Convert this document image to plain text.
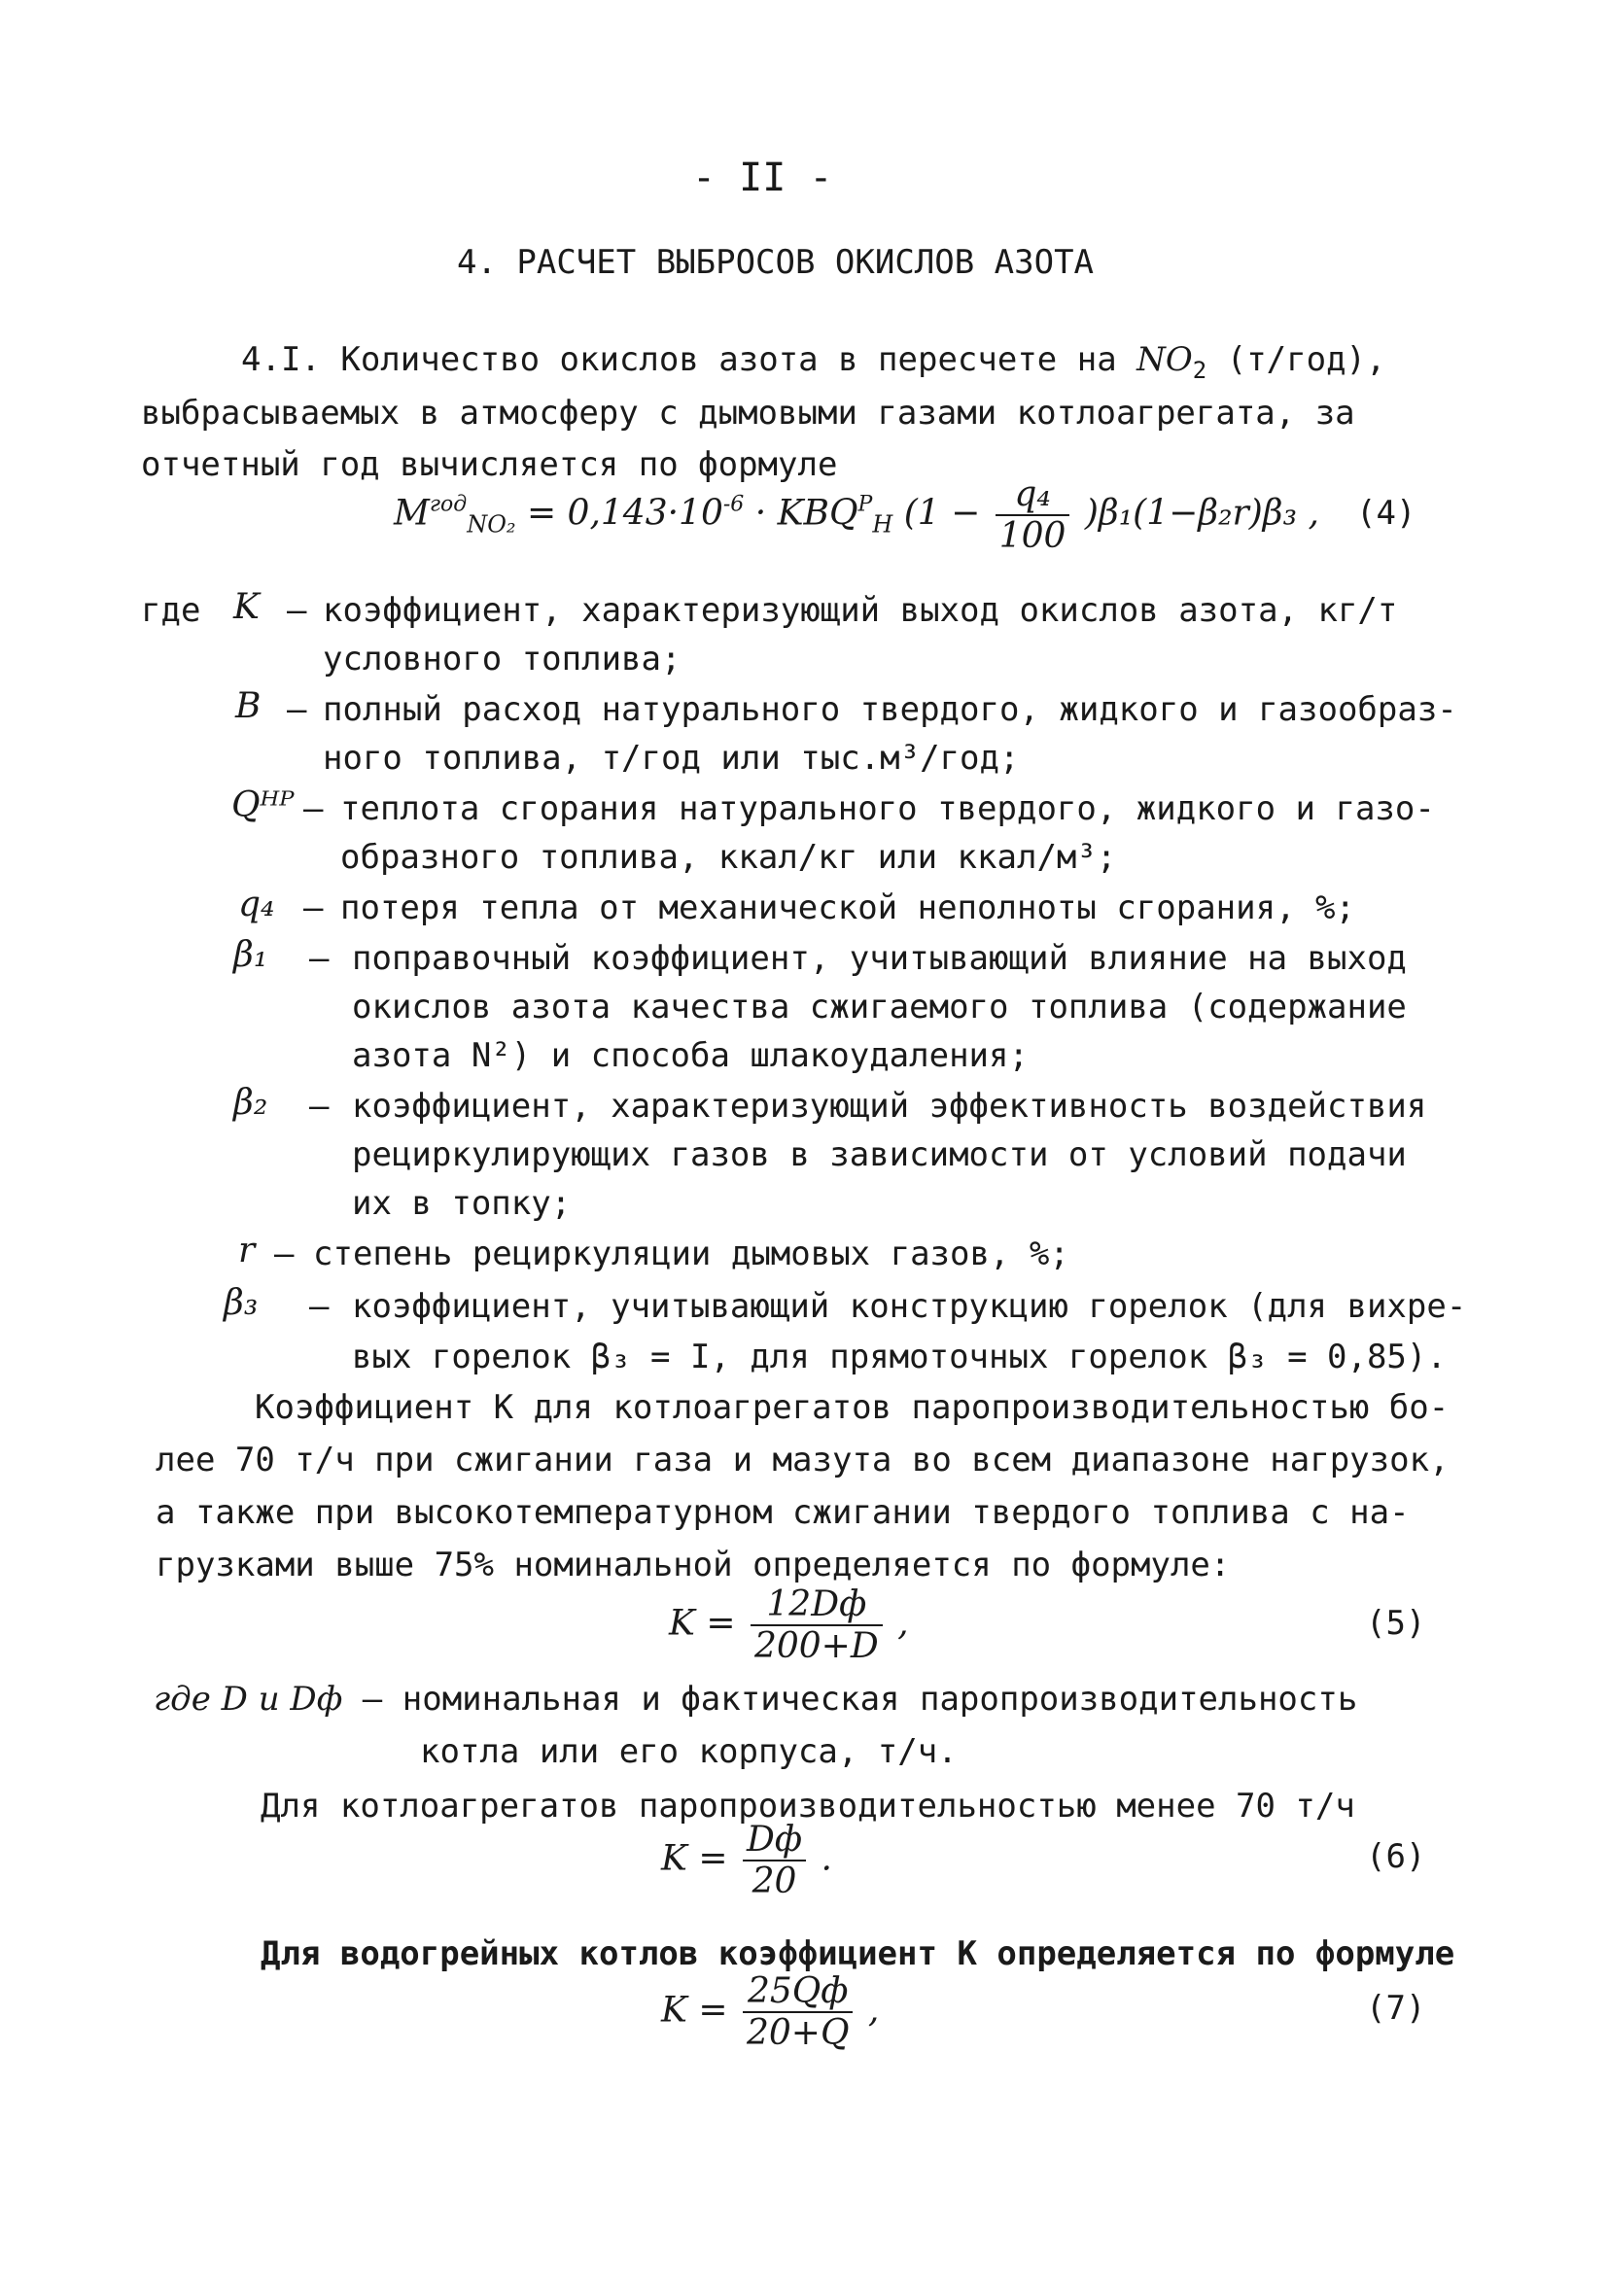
- II -
4. РАСЧЕТ ВЫБРОСОВ ОКИСЛОВ АЗОТА
4.I. Количество окислов азота в пересчете на $NO_2$ (т/год),
выбрасываемых в атмосферу с дымовыми газами котлоагрегата, за
отчетный год вычисляется по формуле
$M^{год}_{NO_2} = 0,143\cdot 10^{-6} \cdot KBQ^P_H$ $(1 - \frac{\text{q₄}}{100} )\beta_1(1-\beta_2r)\beta_3$ , (4)
где K – коэффициент, характеризующий выход окислов азота, кг/т
условного топлива;
B – полный расход натурального твердого, жидкого и газообраз-
ного топлива, т/год или тыс.м³/год;
Qᴴᴾ – теплота сгорания натурального твердого, жидкого и газо-
образного топлива, ккал/кг или ккал/м³;
q₄ – потеря тепла от механической неполноты сгорания, %;
β₁ – поправочный коэффициент, учитывающий влияние на выход
окислов азота качества сжигаемого топлива (содержание
азота N²) и способа шлакоудаления;
β₂ – коэффициент, характеризующий эффективность воздействия
рециркулирующих газов в зависимости от условий подачи
их в топку;
r – степень рециркуляции дымовых газов, %;
β₃ – коэффициент, учитывающий конструкцию горелок (для вихре-
вых горелок β₃ = I, для прямоточных горелок β₃ = 0,85).
Коэффициент K для котлоагрегатов паропроизводительностью бо-
лее 70 т/ч при сжигании газа и мазута во всем диапазоне нагрузок,
а также при высокотемпературном сжигании твердого топлива с на-
грузками выше 75% номинальной определяется по формуле:
$K = \frac{12Dф}{200+D}$ ,	(5)
где D и Dф – номинальная и фактическая паропроизводительность
котла или его корпуса, т/ч.
Для котлоагрегатов паропроизводительностью менее 70 т/ч
$K = \frac{Dф}{20}$ .	(6)
Для водогрейных котлов коэффициент K определяется по формуле
$K = \frac{25Qф}{20+Q}$ ,	(7)
